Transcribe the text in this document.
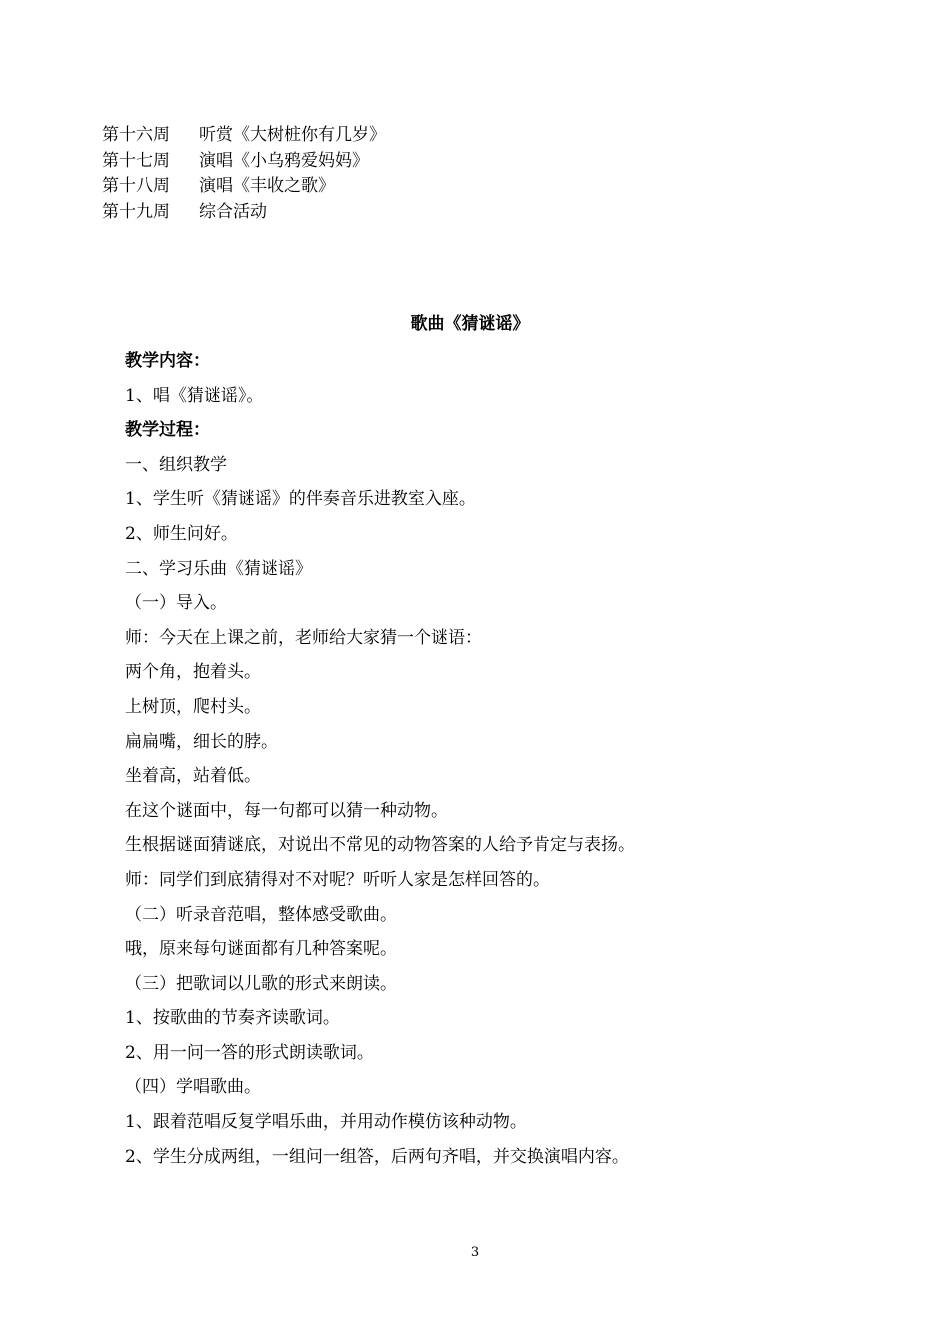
第十六周 听赏《大树桩你有几岁》
第十七周 演唱《小乌鸦爱妈妈》
第十八周 演唱《丰收之歌》
第十九周 综合活动
歌曲《猜谜谣》
教学内容：
1、唱《猜谜谣》。
教学过程：
一、组织教学
1、学生听《猜谜谣》的伴奏音乐进教室入座。
2、师生问好。
二、学习乐曲《猜谜谣》
（一）导入。
师：今天在上课之前，老师给大家猜一个谜语：
两个角，抱着头。
上树顶，爬村头。
扁扁嘴，细长的脖。
坐着高，站着低。
在这个谜面中，每一句都可以猜一种动物。
生根据谜面猜谜底，对说出不常见的动物答案的人给予肯定与表扬。
师：同学们到底猜得对不对呢？听听人家是怎样回答的。
（二）听录音范唱，整体感受歌曲。
哦，原来每句谜面都有几种答案呢。
（三）把歌词以儿歌的形式来朗读。
1、按歌曲的节奏齐读歌词。
2、用一问一答的形式朗读歌词。
（四）学唱歌曲。
1、跟着范唱反复学唱乐曲，并用动作模仿该种动物。
2、学生分成两组，一组问一组答，后两句齐唱，并交换演唱内容。
3
